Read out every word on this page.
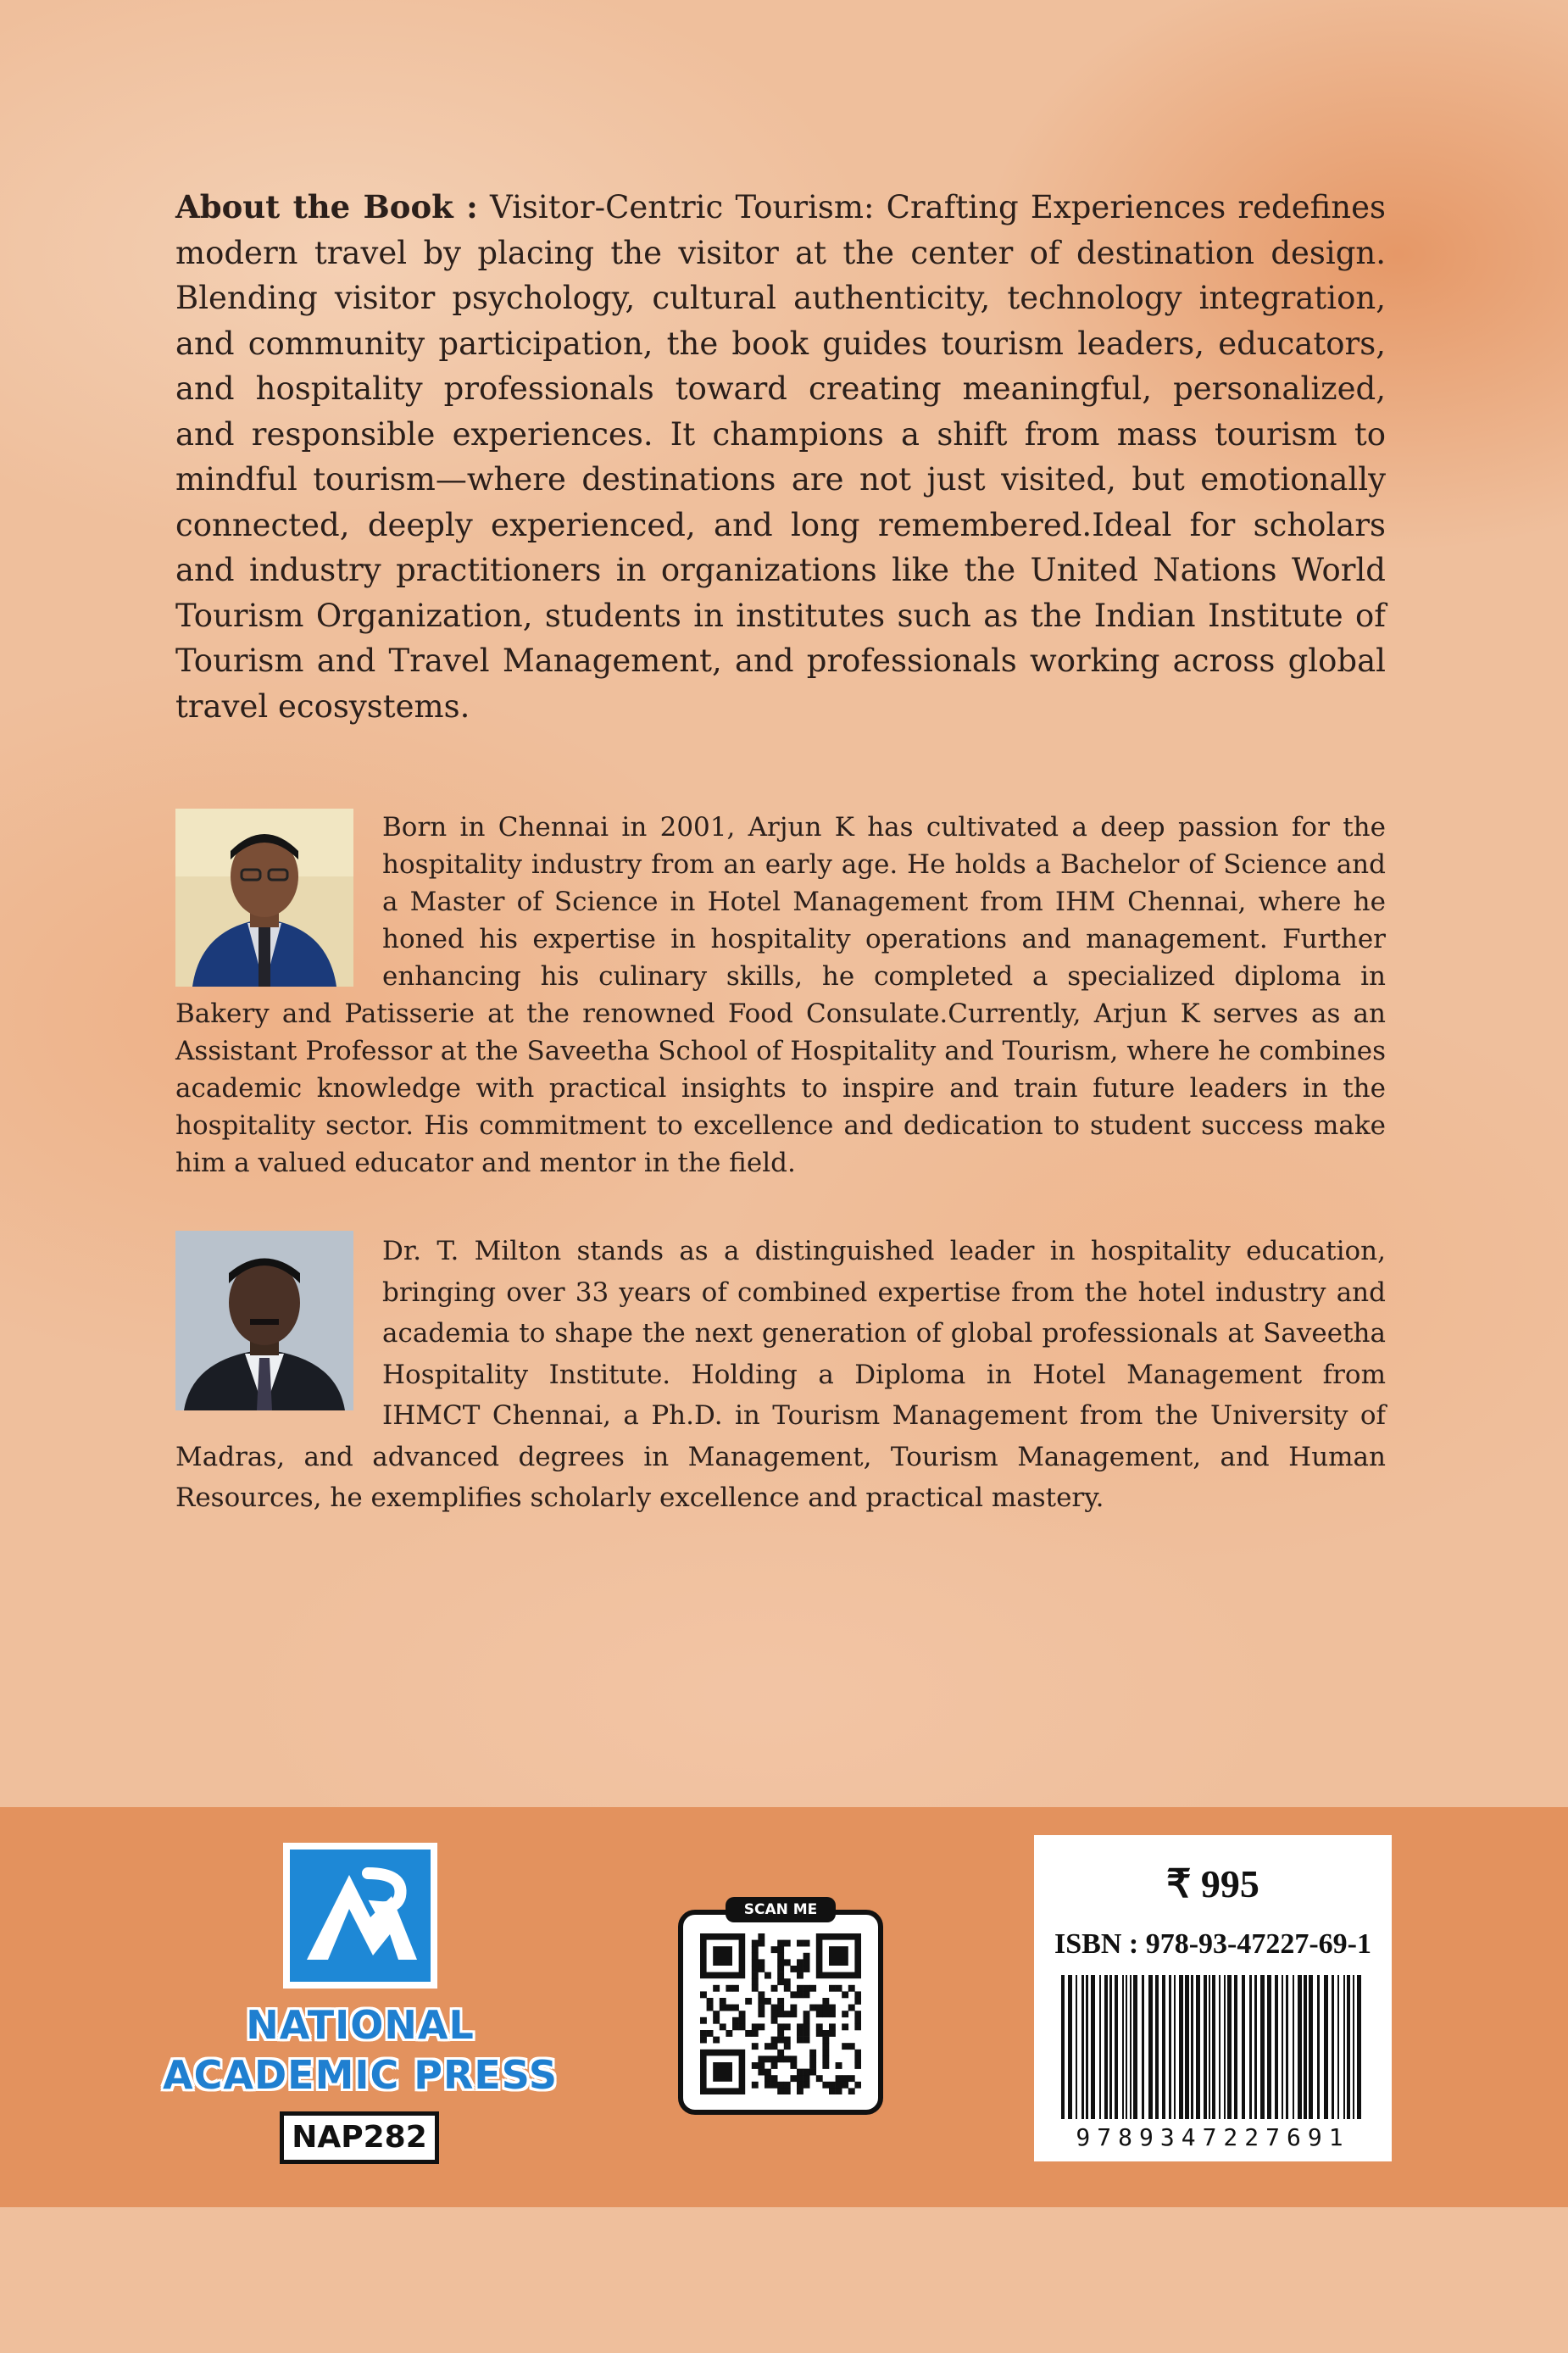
About the Book : Visitor-Centric Tourism: Crafting Experiences redefines modern travel by placing the visitor at the center of destination design. Blending visitor psychology, cultural authenticity, technology integration, and community participation, the book guides tourism leaders, educators, and hospitality professionals toward creating meaningful, personalized, and responsible experiences. It champions a shift from mass tourism to mindful tourism—where destinations are not just visited, but emotionally connected, deeply experienced, and long remembered.Ideal for scholars and industry practitioners in organizations like the United Nations World Tourism Organization, students in institutes such as the Indian Institute of Tourism and Travel Management, and professionals working across global travel ecosystems.
Born in Chennai in 2001, Arjun K has cultivated a deep passion for the hospitality industry from an early age. He holds a Bachelor of Science and a Master of Science in Hotel Management from IHM Chennai, where he honed his expertise in hospitality operations and management. Further enhancing his culinary skills, he completed a specialized diploma in Bakery and Patisserie at the renowned Food Consulate.Currently, Arjun K serves as an Assistant Professor at the Saveetha School of Hospitality and Tourism, where he combines academic knowledge with practical insights to inspire and train future leaders in the hospitality sector. His commitment to excellence and dedication to student success make him a valued educator and mentor in the field.
Dr. T. Milton stands as a distinguished leader in hospitality education, bringing over 33 years of combined expertise from the hotel industry and academia to shape the next generation of global professionals at Saveetha Hospitality Institute. Holding a Diploma in Hotel Management from IHMCT Chennai, a Ph.D. in Tourism Management from the University of Madras, and advanced degrees in Management, Tourism Management, and Human Resources, he exemplifies scholarly excellence and practical mastery.
NATIONAL
ACADEMIC PRESS
NAP282
SCAN ME
₹ 995
ISBN : 978-93-47227-69-1
9789347227691
